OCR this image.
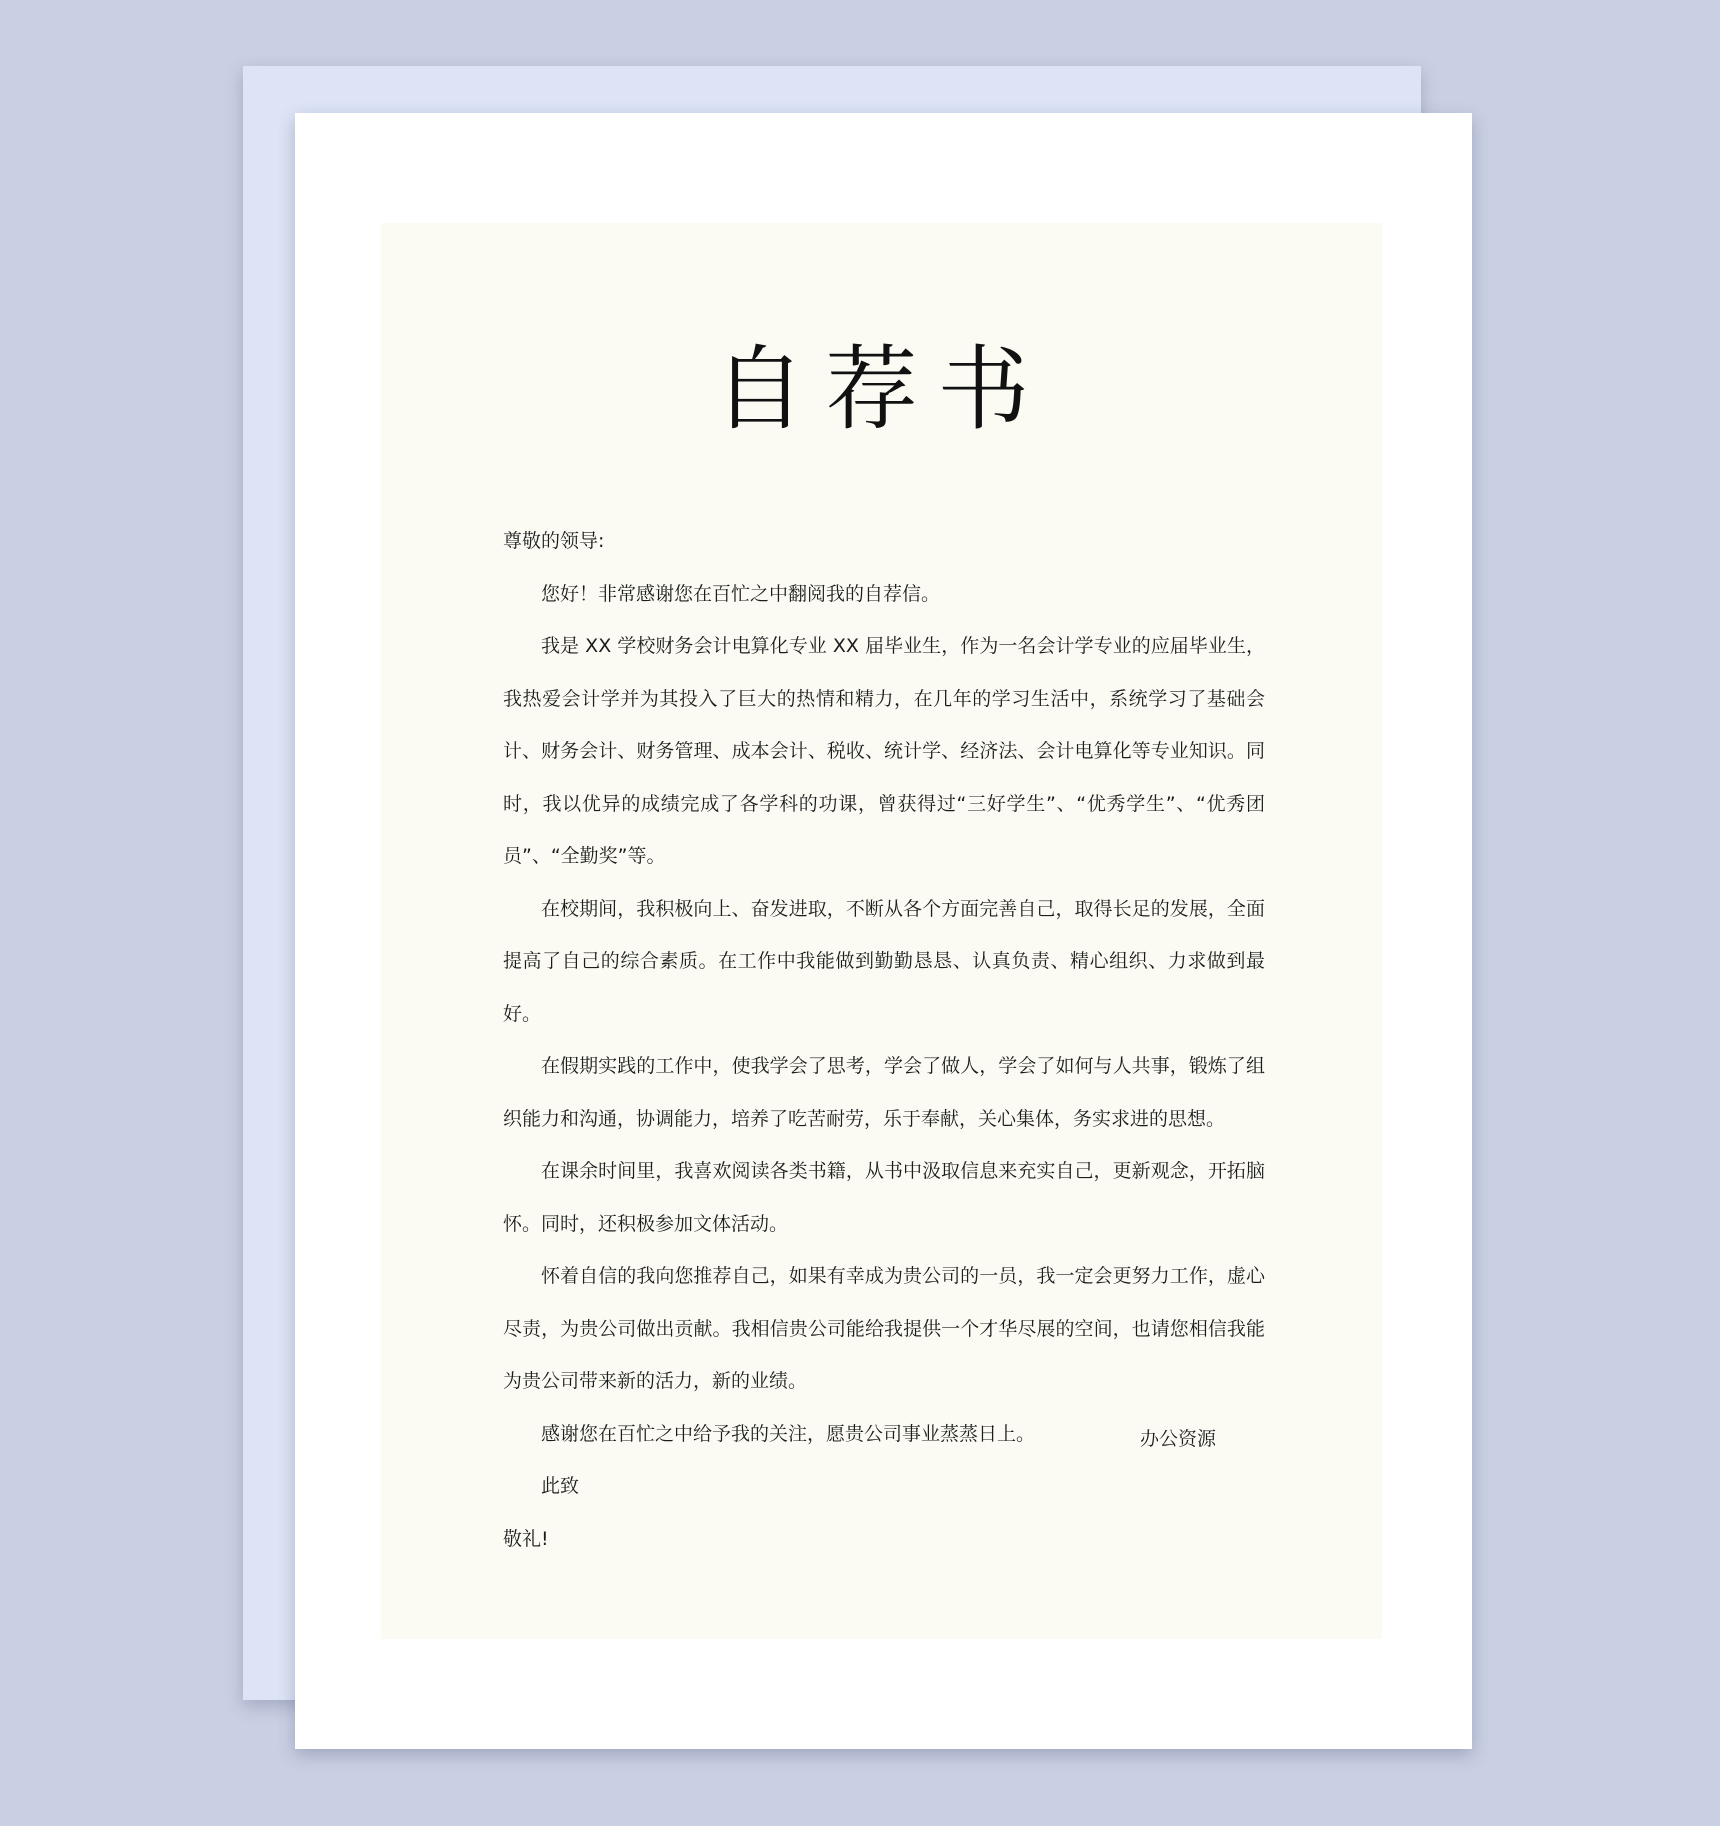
自荐书

尊敬的领导:

您好！非常感谢您在百忙之中翻阅我的自荐信。

我是 XX 学校财务会计电算化专业 XX 届毕业生，作为一名会计学专业的应届毕业生，我热爱会计学并为其投入了巨大的热情和精力，在几年的学习生活中，系统学习了基础会计、财务会计、财务管理、成本会计、税收、统计学、经济法、会计电算化等专业知识。同时，我以优异的成绩完成了各学科的功课，曾获得过“三好学生”、“优秀学生”、“优秀团员”、“全勤奖”等。

在校期间，我积极向上、奋发进取，不断从各个方面完善自己，取得长足的发展，全面提高了自己的综合素质。在工作中我能做到勤勤恳恳、认真负责、精心组织、力求做到最好。

在假期实践的工作中，使我学会了思考，学会了做人，学会了如何与人共事，锻炼了组织能力和沟通，协调能力，培养了吃苦耐劳，乐于奉献，关心集体，务实求进的思想。

在课余时间里，我喜欢阅读各类书籍，从书中汲取信息来充实自己，更新观念，开拓脑怀。同时，还积极参加文体活动。

怀着自信的我向您推荐自己，如果有幸成为贵公司的一员，我一定会更努力工作，虚心尽责，为贵公司做出贡献。我相信贵公司能给我提供一个才华尽展的空间，也请您相信我能为贵公司带来新的活力，新的业绩。

感谢您在百忙之中给予我的关注，愿贵公司事业蒸蒸日上。

此致

敬礼!

办公资源
